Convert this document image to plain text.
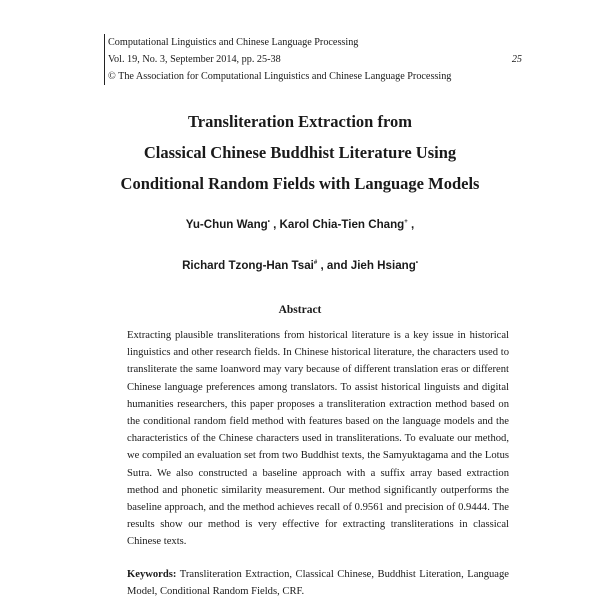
Computational Linguistics and Chinese Language Processing
Vol. 19, No. 3, September 2014, pp. 25-38	25
© The Association for Computational Linguistics and Chinese Language Processing
Transliteration Extraction from
Classical Chinese Buddhist Literature Using
Conditional Random Fields with Language Models
Yu-Chun Wang• , Karol Chia-Tien Chang+ ,
Richard Tzong-Han Tsai# , and Jieh Hsiang•
Abstract

Extracting plausible transliterations from historical literature is a key issue in historical linguistics and other research fields. In Chinese historical literature, the characters used to transliterate the same loanword may vary because of different translation eras or different Chinese language preferences among translators. To assist historical linguists and digital humanities researchers, this paper proposes a transliteration extraction method based on the conditional random field method with features based on the language models and the characteristics of the Chinese characters used in transliterations. To evaluate our method, we compiled an evaluation set from two Buddhist texts, the Samyuktagama and the Lotus Sutra. We also constructed a baseline approach with a suffix array based extraction method and phonetic similarity measurement. Our method significantly outperforms the baseline approach, and the method achieves recall of 0.9561 and precision of 0.9444. The results show our method is very effective for extracting transliterations in classical Chinese texts.

Keywords: Transliteration Extraction, Classical Chinese, Buddhist Literation, Language Model, Conditional Random Fields, CRF.
